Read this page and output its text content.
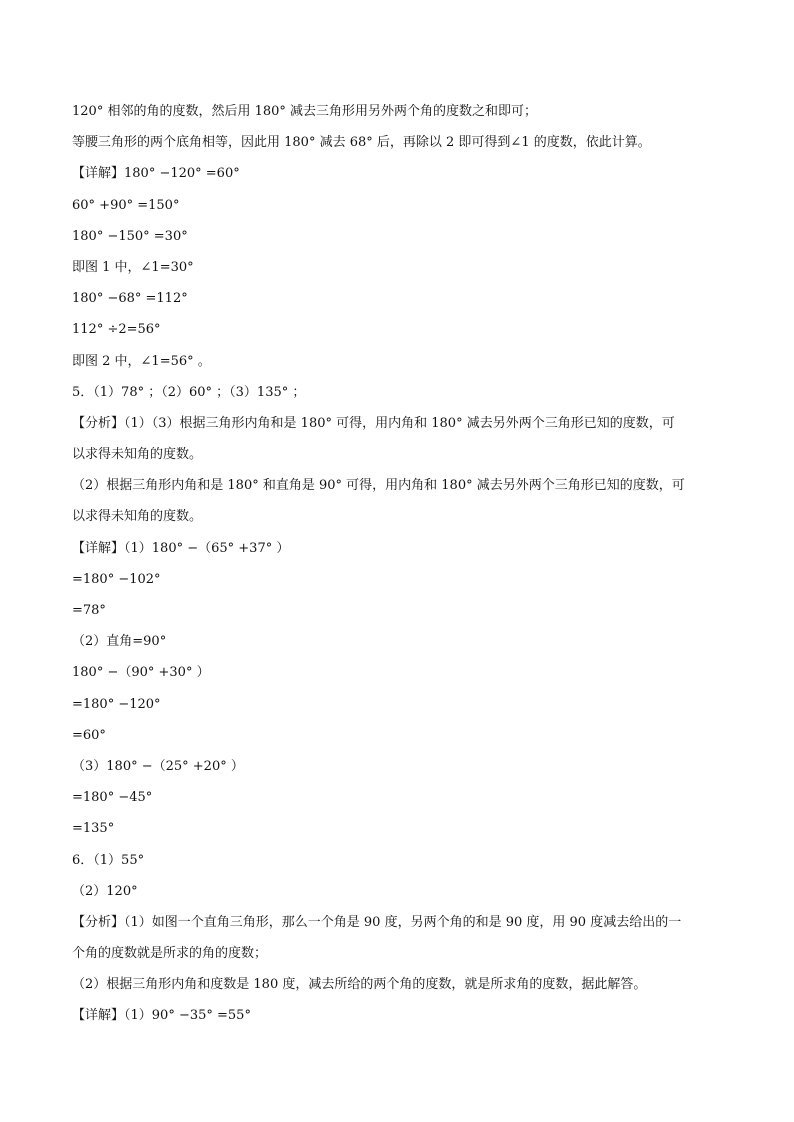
120° 相邻的角的度数，然后用 180° 减去三角形用另外两个角的度数之和即可；
等腰三角形的两个底角相等，因此用 180° 减去 68° 后，再除以 2 即可得到∠1 的度数，依此计算。
【详解】180° −120° =60°
60° +90° =150°
180° −150° =30°
即图 1 中，∠1=30°
180° −68° =112°
112° ÷2=56°
即图 2 中，∠1=56° 。
5．（1）78° ；（2）60° ；（3）135° ；
【分析】（1）（3）根据三角形内角和是 180° 可得，用内角和 180° 减去另外两个三角形已知的度数，可
以求得未知角的度数。
（2）根据三角形内角和是 180° 和直角是 90° 可得，用内角和 180° 减去另外两个三角形已知的度数，可
以求得未知角的度数。
【详解】（1）180° −（65° +37° ）
=180° −102°
=78°
（2）直角=90°
180° −（90° +30° ）
=180° −120°
=60°
（3）180° −（25° +20° ）
=180° −45°
=135°
6．（1）55°
（2）120°
【分析】（1）如图一个直角三角形，那么一个角是 90 度，另两个角的和是 90 度，用 90 度减去给出的一
个角的度数就是所求的角的度数；
（2）根据三角形内角和度数是 180 度，减去所给的两个角的度数，就是所求角的度数，据此解答。
【详解】（1）90° −35° =55°
